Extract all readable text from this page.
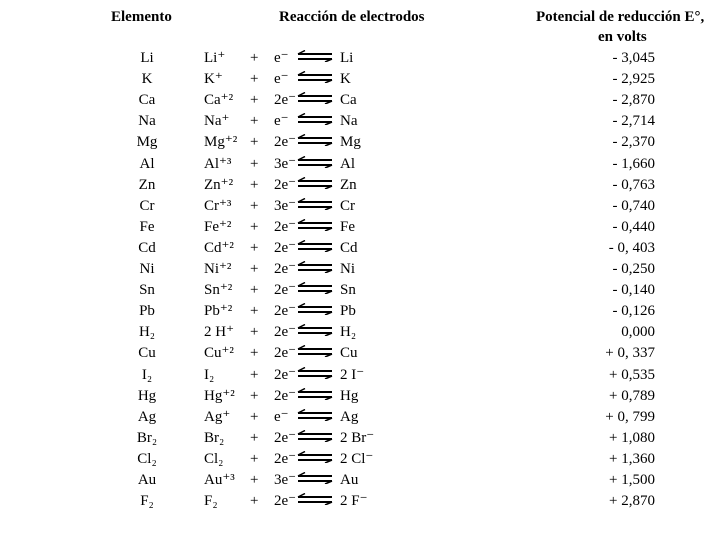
Elemento	Reacción de electrodos	Potencial de reducción E°,
en volts
Li	Li⁺ + e⁻ ⇌ Li	- 3,045
K	K⁺ + e⁻ ⇌ K	- 2,925
Ca	Ca⁺² + 2e⁻ ⇌ Ca	- 2,870
Na	Na⁺ + e⁻ ⇌ Na	- 2,714
Mg	Mg⁺² + 2e⁻ ⇌ Mg	- 2,370
Al	Al⁺³ + 3e⁻ ⇌ Al	- 1,660
Zn	Zn⁺² + 2e⁻ ⇌ Zn	- 0,763
Cr	Cr⁺³ + 3e⁻ ⇌ Cr	- 0,740
Fe	Fe⁺² + 2e⁻ ⇌ Fe	- 0,440
Cd	Cd⁺² + 2e⁻ ⇌ Cd	- 0, 403
Ni	Ni⁺² + 2e⁻ ⇌ Ni	- 0,250
Sn	Sn⁺² + 2e⁻ ⇌ Sn	- 0,140
Pb	Pb⁺² + 2e⁻ ⇌ Pb	- 0,126
H₂	2 H⁺ + 2e⁻ ⇌ H₂	0,000
Cu	Cu⁺² + 2e⁻ ⇌ Cu	+ 0, 337
I₂	I₂ + 2e⁻ ⇌ 2 I⁻	+ 0,535
Hg	Hg⁺² + 2e⁻ ⇌ Hg	+ 0,789
Ag	Ag⁺ + e⁻ ⇌ Ag	+ 0, 799
Br₂	Br₂ + 2e⁻ ⇌ 2 Br⁻	+ 1,080
Cl₂	Cl₂ + 2e⁻ ⇌ 2 Cl⁻	+ 1,360
Au	Au⁺³ + 3e⁻ ⇌ Au	+ 1,500
F₂	F₂ + 2e⁻ ⇌ 2 F⁻	+ 2,870
